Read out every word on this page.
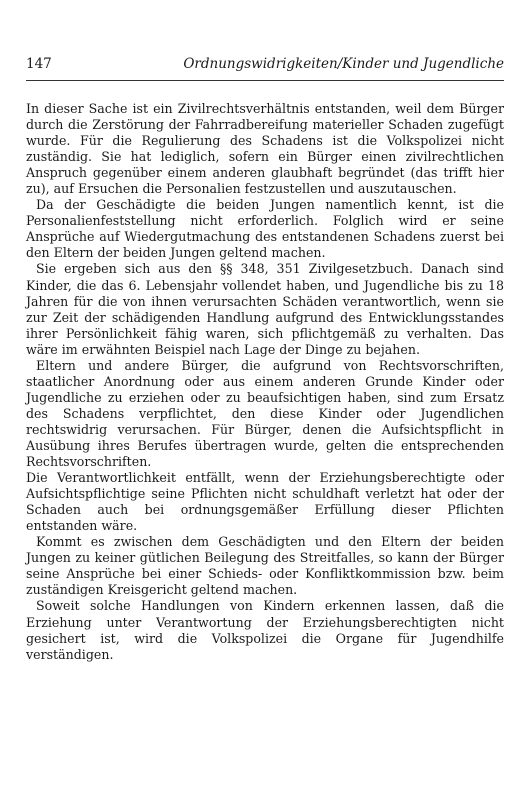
147	Ordnungswidrigkeiten/Kinder und Jugendliche

In dieser Sache ist ein Zivilrechtsverhältnis entstanden, weil dem Bürger durch die Zerstörung der Fahrradbereifung materieller Schaden zugefügt wurde. Für die Regulierung des Schadens ist die Volkspolizei nicht zuständig. Sie hat lediglich, sofern ein Bürger einen zivilrechtlichen Anspruch gegenüber einem anderen glaubhaft begründet (das trifft hier zu), auf Ersuchen die Personalien festzustellen und auszutauschen.

Da der Geschädigte die beiden Jungen namentlich kennt, ist die Personalienfeststellung nicht erforderlich. Folglich wird er seine Ansprüche auf Wiedergutmachung des entstandenen Schadens zuerst bei den Eltern der beiden Jungen geltend machen.

Sie ergeben sich aus den §§ 348, 351 Zivilgesetzbuch. Danach sind Kinder, die das 6. Lebensjahr vollendet haben, und Jugendliche bis zu 18 Jahren für die von ihnen verursachten Schäden verantwortlich, wenn sie zur Zeit der schädigenden Handlung aufgrund des Entwicklungsstandes ihrer Persönlichkeit fähig waren, sich pflichtgemäß zu verhalten. Das wäre im erwähnten Beispiel nach Lage der Dinge zu bejahen.

Eltern und andere Bürger, die aufgrund von Rechtsvorschriften, staatlicher Anordnung oder aus einem anderen Grunde Kinder oder Jugendliche zu erziehen oder zu beaufsichtigen haben, sind zum Ersatz des Schadens verpflichtet, den diese Kinder oder Jugendlichen rechtswidrig verursachen. Für Bürger, denen die Aufsichtspflicht in Ausübung ihres Berufes übertragen wurde, gelten die entsprechenden Rechtsvorschriften.

Die Verantwortlichkeit entfällt, wenn der Erziehungsberechtigte oder Aufsichtspflichtige seine Pflichten nicht schuldhaft verletzt hat oder der Schaden auch bei ordnungsgemäßer Erfüllung dieser Pflichten entstanden wäre.

Kommt es zwischen dem Geschädigten und den Eltern der beiden Jungen zu keiner gütlichen Beilegung des Streitfalles, so kann der Bürger seine Ansprüche bei einer Schieds- oder Konfliktkommission bzw. beim zuständigen Kreisgericht geltend machen.

Soweit solche Handlungen von Kindern erkennen lassen, daß die Erziehung unter Verantwortung der Erziehungsberechtigten nicht gesichert ist, wird die Volkspolizei die Organe für Jugendhilfe verständigen.
